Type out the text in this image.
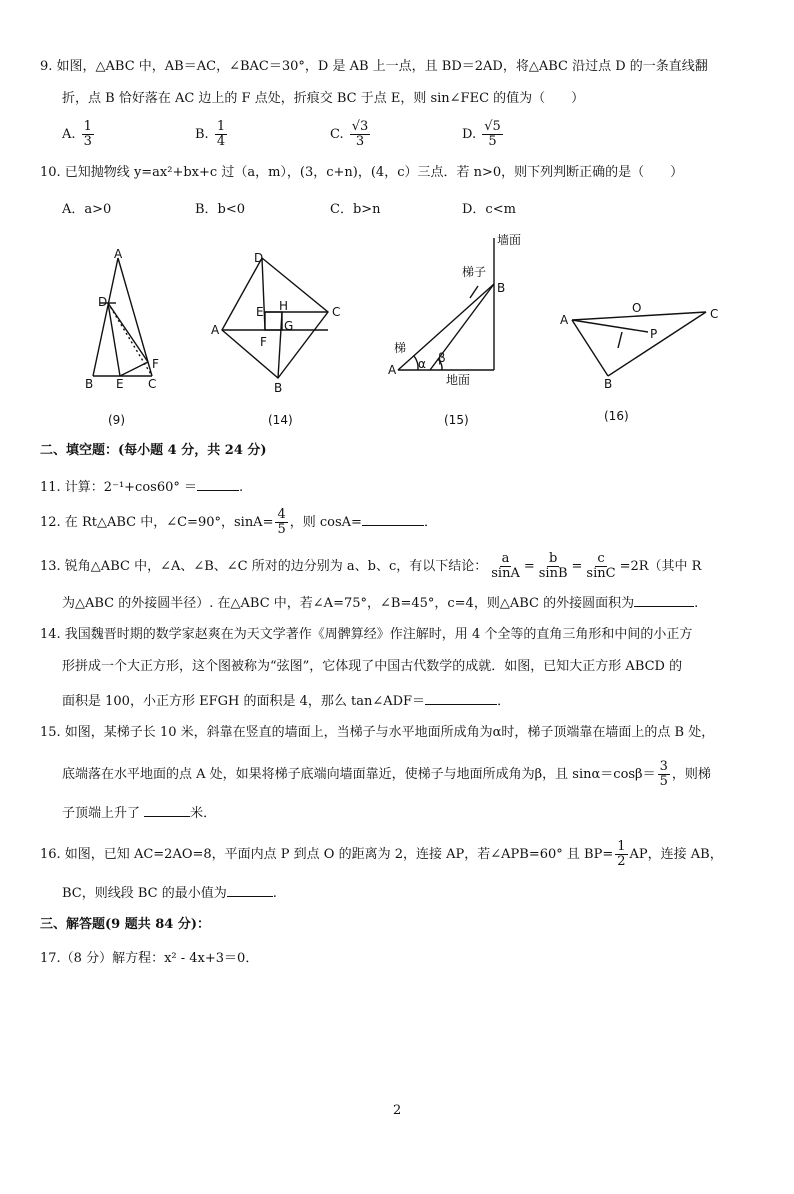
9. 如图，△ABC 中，AB＝AC，∠BAC＝30°，D 是 AB 上一点，且 BD＝2AD，将△ABC 沿过点 D 的一条直线翻
折，点 B 恰好落在 AC 边上的 F 点处，折痕交 BC 于点 E，则 sin∠FEC 的值为（　　）
A. $\frac{1}{3}$	B. $\frac{1}{4}$	C. $\frac{√3}{3}$	D. $\frac{√5}{5}$
10. 已知抛物线 y=ax²+bx+c 过（a，m），(3，c+n)，(4，c）三点．若 n>0，则下列判断正确的是（　　）
A．a>0	B．b<0	C．b>n	D．c<m
A
D
B E C
F
(9)
D
E H
A	G
C
F
B
(14)
墙面
梯子
B
梯
A α β
地面
(15)
A
O	C
P
B
(16)
二、填空题：(每小题 4 分，共 24 分)
11. 计算：2⁻¹+cos60° ＝	.
12. 在 Rt△ABC 中，∠C=90°，$\sin A= \frac{4}{5}$ ，则 cosA=	．
13. 锐角△ABC 中，∠A、∠B、∠C 所对的边分别为 a、b、c，有以下结论： $\frac{a}{\sin A} = \frac{b}{\sin B} = \frac{c}{\sin C} =2R$（其中 R
为△ABC 的外接圆半径）. 在△ABC 中，若∠A=75°，∠B=45°，c=4，则△ABC 的外接圆面积为	.
14. 我国魏晋时期的数学家赵爽在为天文学著作《周髀算经》作注解时，用 4 个全等的直角三角形和中间的小正方
形拼成一个大正方形，这个图被称为“弦图”，它体现了中国古代数学的成就．如图，已知大正方形 ABCD 的
面积是 100，小正方形 EFGH 的面积是 4，那么 tan∠ADF＝	．
15. 如图，某梯子长 10 米，斜靠在竖直的墙面上，当梯子与水平地面所成角为α时，梯子顶端靠在墙面上的点 B 处，
底端落在水平地面的点 A 处，如果将梯子底端向墙面靠近，使梯子与地面所成角为β，且 $\sin\alpha=\cos\beta= \frac{3}{5}$ ，则梯
子顶端上升了	米．
16. 如图，已知 AC=2AO=8，平面内点 P 到点 O 的距离为 2，连接 AP，若∠APB=60° 且 $BP= \frac{1}{2}$ AP，连接 AB，
BC，则线段 BC 的最小值为	.
三、解答题(9 题共 84 分)：
17.（8 分）解方程：x² - 4x+3＝0．
2
